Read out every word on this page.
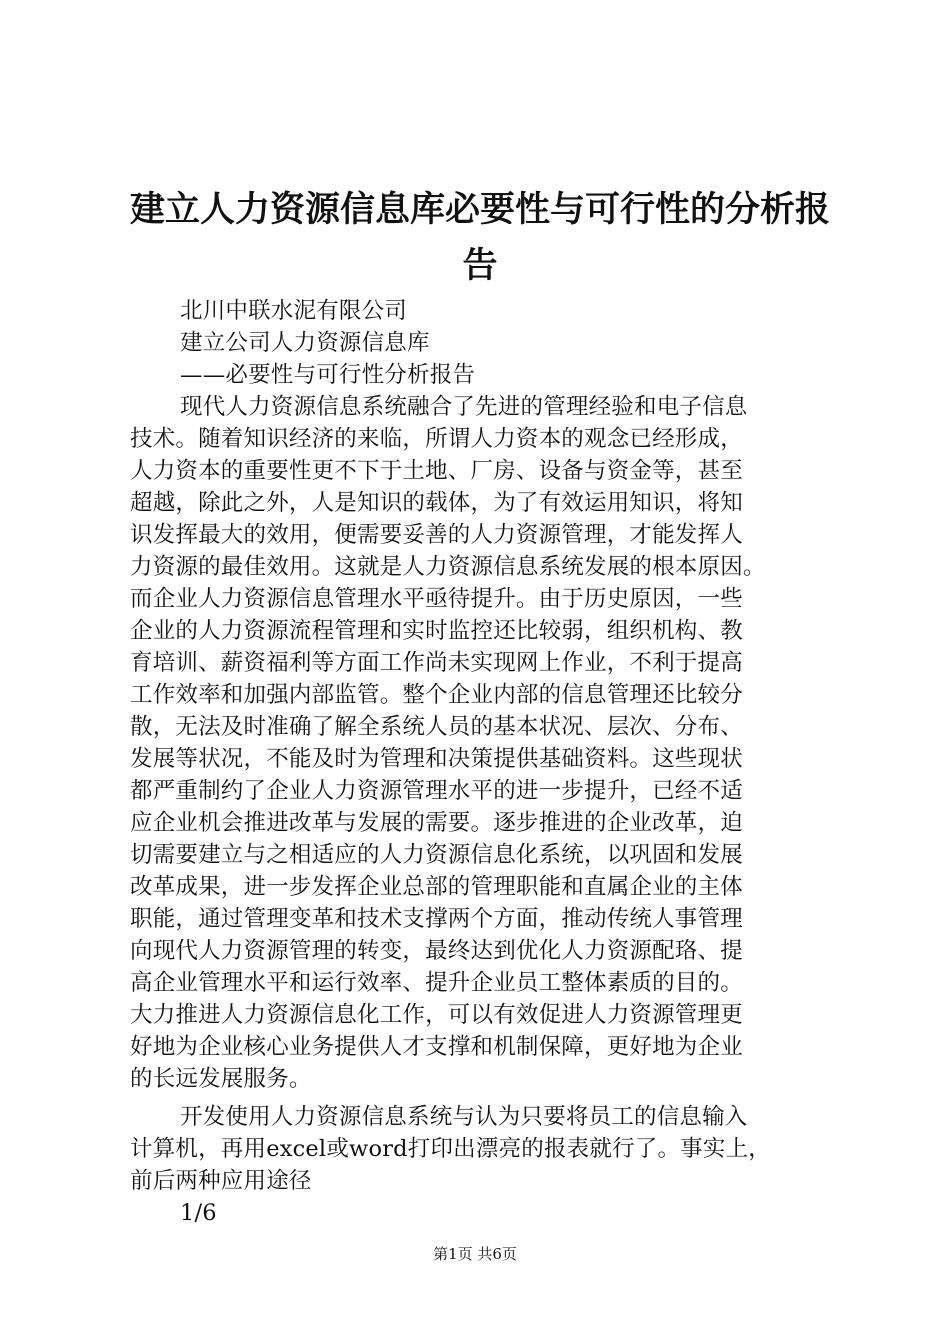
建立人力资源信息库必要性与可行性的分析报
告
北川中联水泥有限公司
建立公司人力资源信息库
——必要性与可行性分析报告
现代人力资源信息系统融合了先进的管理经验和电子信息
技术。随着知识经济的来临，所谓人力资本的观念已经形成，
人力资本的重要性更不下于土地、厂房、设备与资金等，甚至
超越，除此之外，人是知识的载体，为了有效运用知识，将知
识发挥最大的效用，便需要妥善的人力资源管理，才能发挥人
力资源的最佳效用。这就是人力资源信息系统发展的根本原因。
而企业人力资源信息管理水平亟待提升。由于历史原因，一些
企业的人力资源流程管理和实时监控还比较弱，组织机构、教
育培训、薪资福利等方面工作尚未实现网上作业，不利于提高
工作效率和加强内部监管。整个企业内部的信息管理还比较分
散，无法及时准确了解全系统人员的基本状况、层次、分布、
发展等状况，不能及时为管理和决策提供基础资料。这些现状
都严重制约了企业人力资源管理水平的进一步提升，已经不适
应企业机会推进改革与发展的需要。逐步推进的企业改革，迫
切需要建立与之相适应的人力资源信息化系统，以巩固和发展
改革成果，进一步发挥企业总部的管理职能和直属企业的主体
职能，通过管理变革和技术支撑两个方面，推动传统人事管理
向现代人力资源管理的转变，最终达到优化人力资源配珞、提
高企业管理水平和运行效率、提升企业员工整体素质的目的。
大力推进人力资源信息化工作，可以有效促进人力资源管理更
好地为企业核心业务提供人才支撑和机制保障，更好地为企业
的长远发展服务。
开发使用人力资源信息系统与认为只要将员工的信息输入
计算机，再用excel或word打印出漂亮的报表就行了。事实上，
前后两种应用途径
1/6
第1页 共6页
